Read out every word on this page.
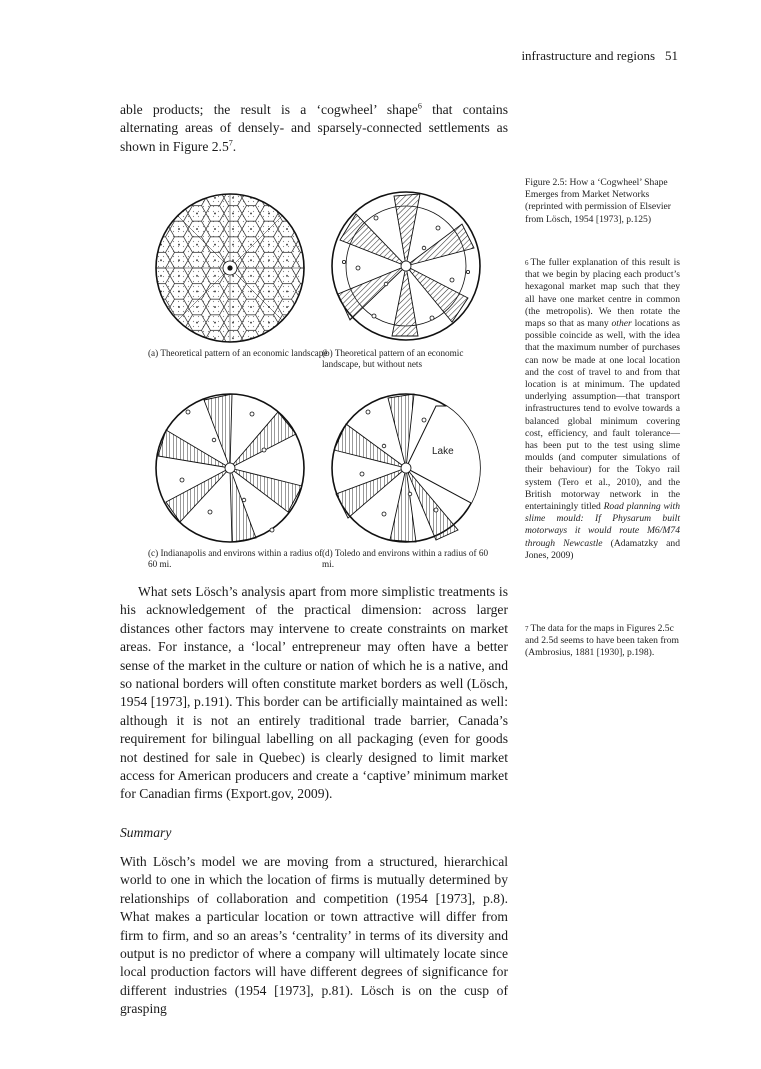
infrastructure and regions 51
able products; the result is a ‘cogwheel’ shape$^6$ that contains alternating areas of densely- and sparsely-connected settlements as shown in Figure $2.5^7$.
Figure 2.5: How a ‘Cogwheel’ Shape Emerges from Market Networks (reprinted with permission of Elsevier from Lösch, 1954 [1973], p.125)
$^6$ The fuller explanation of this result is that we begin by placing each product’s hexagonal market map such that they all have one market centre in common (the metropolis). We then rotate the maps so that as many other locations as possible coincide as well, with the idea that the maximum number of purchases can now be made at one local location and the cost of travel to and from that location is at minimum. The updated underlying assumption—that transport infrastructures tend to evolve towards a balanced global minimum covering cost, efficiency, and fault tolerance—has been put to the test using slime moulds (and computer simulations of their behaviour) for the Tokyo rail system (Tero et al., 2010), and the British motorway network in the entertainingly titled Road planning with slime mould: If Physarum built motorways it would route M6/M74 through Newcastle (Adamatzky and Jones, 2009)
$^7$ The data for the maps in Figures 2.5c and 2.5d seems to have been taken from (Ambrosius, 1881 [1930], p.198).
(a) Theoretical pattern of an economic landscape
(b) Theoretical pattern of an economic landscape, but without nets
Lake
(c) Indianapolis and environs within a radius of 60 mi.
(d) Toledo and environs within a radius of 60 mi.
What sets Lösch’s analysis apart from more simplistic treatments is his acknowledgement of the practical dimension: across larger distances other factors may intervene to create constraints on market areas. For instance, a ‘local’ entrepreneur may often have a better sense of the market in the culture or nation of which he is a native, and so national borders will often constitute market borders as well (Lösch, 1954 [1973], p.191). This border can be artificially maintained as well: although it is not an entirely traditional trade barrier, Canada’s requirement for bilingual labelling on all packaging (even for goods not destined for sale in Quebec) is clearly designed to limit market access for American producers and create a ‘captive’ minimum market for Canadian firms (Export.gov, 2009).
Summary
With Lösch’s model we are moving from a structured, hierarchical world to one in which the location of firms is mutually determined by relationships of collaboration and competition (1954 [1973], p.8). What makes a particular location or town attractive will differ from firm to firm, and so an areas’s ‘centrality’ in terms of its diversity and output is no predictor of where a company will ultimately locate since local production factors will have different degrees of significance for different industries (1954 [1973], p.81). Lösch is on the cusp of grasping
